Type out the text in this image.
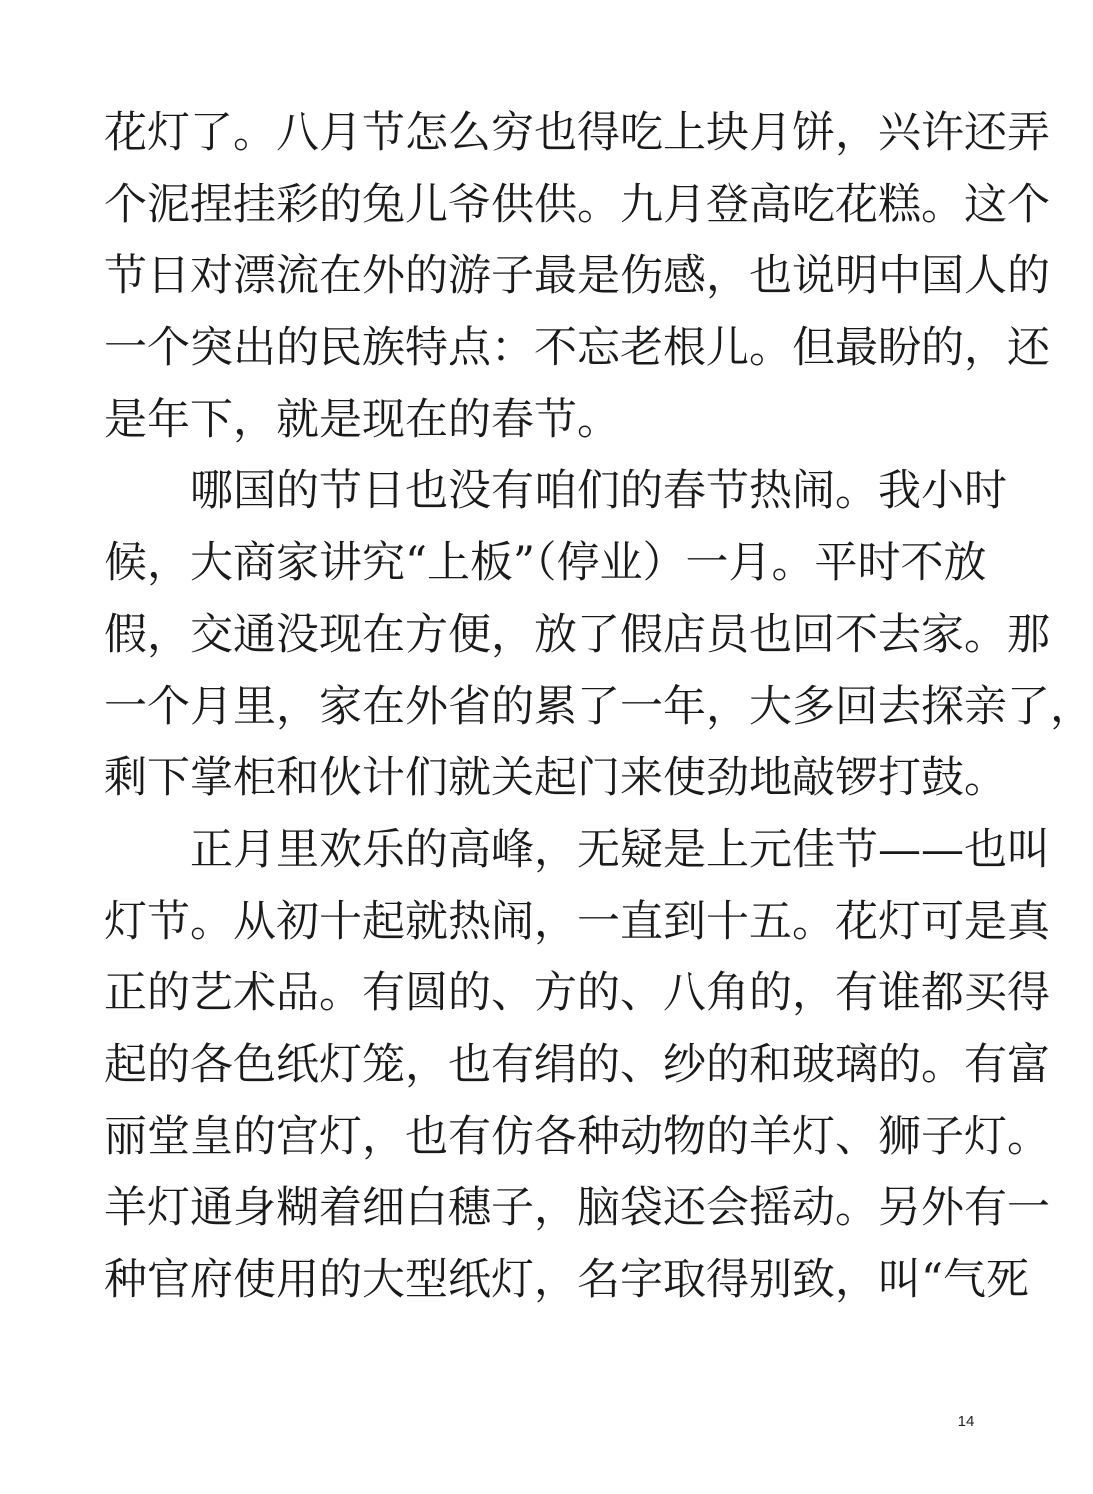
花灯了。八月节怎么穷也得吃上块月饼，兴许还弄
个泥捏挂彩的兔儿爷供供。九月登高吃花糕。这个
节日对漂流在外的游子最是伤感，也说明中国人的
一个突出的民族特点：不忘老根儿。但最盼的，还
是年下，就是现在的春节。
哪国的节日也没有咱们的春节热闹。我小时
候，大商家讲究“上板”（停业）一月。平时不放
假，交通没现在方便，放了假店员也回不去家。那
一个月里，家在外省的累了一年，大多回去探亲了，
剩下掌柜和伙计们就关起门来使劲地敲锣打鼓。
正月里欢乐的高峰，无疑是上元佳节——也叫
灯节。从初十起就热闹，一直到十五。花灯可是真
正的艺术品。有圆的、方的、八角的，有谁都买得
起的各色纸灯笼，也有绢的、纱的和玻璃的。有富
丽堂皇的宫灯，也有仿各种动物的羊灯、狮子灯。
羊灯通身糊着细白穗子，脑袋还会摇动。另外有一
种官府使用的大型纸灯，名字取得别致，叫“气死
14
